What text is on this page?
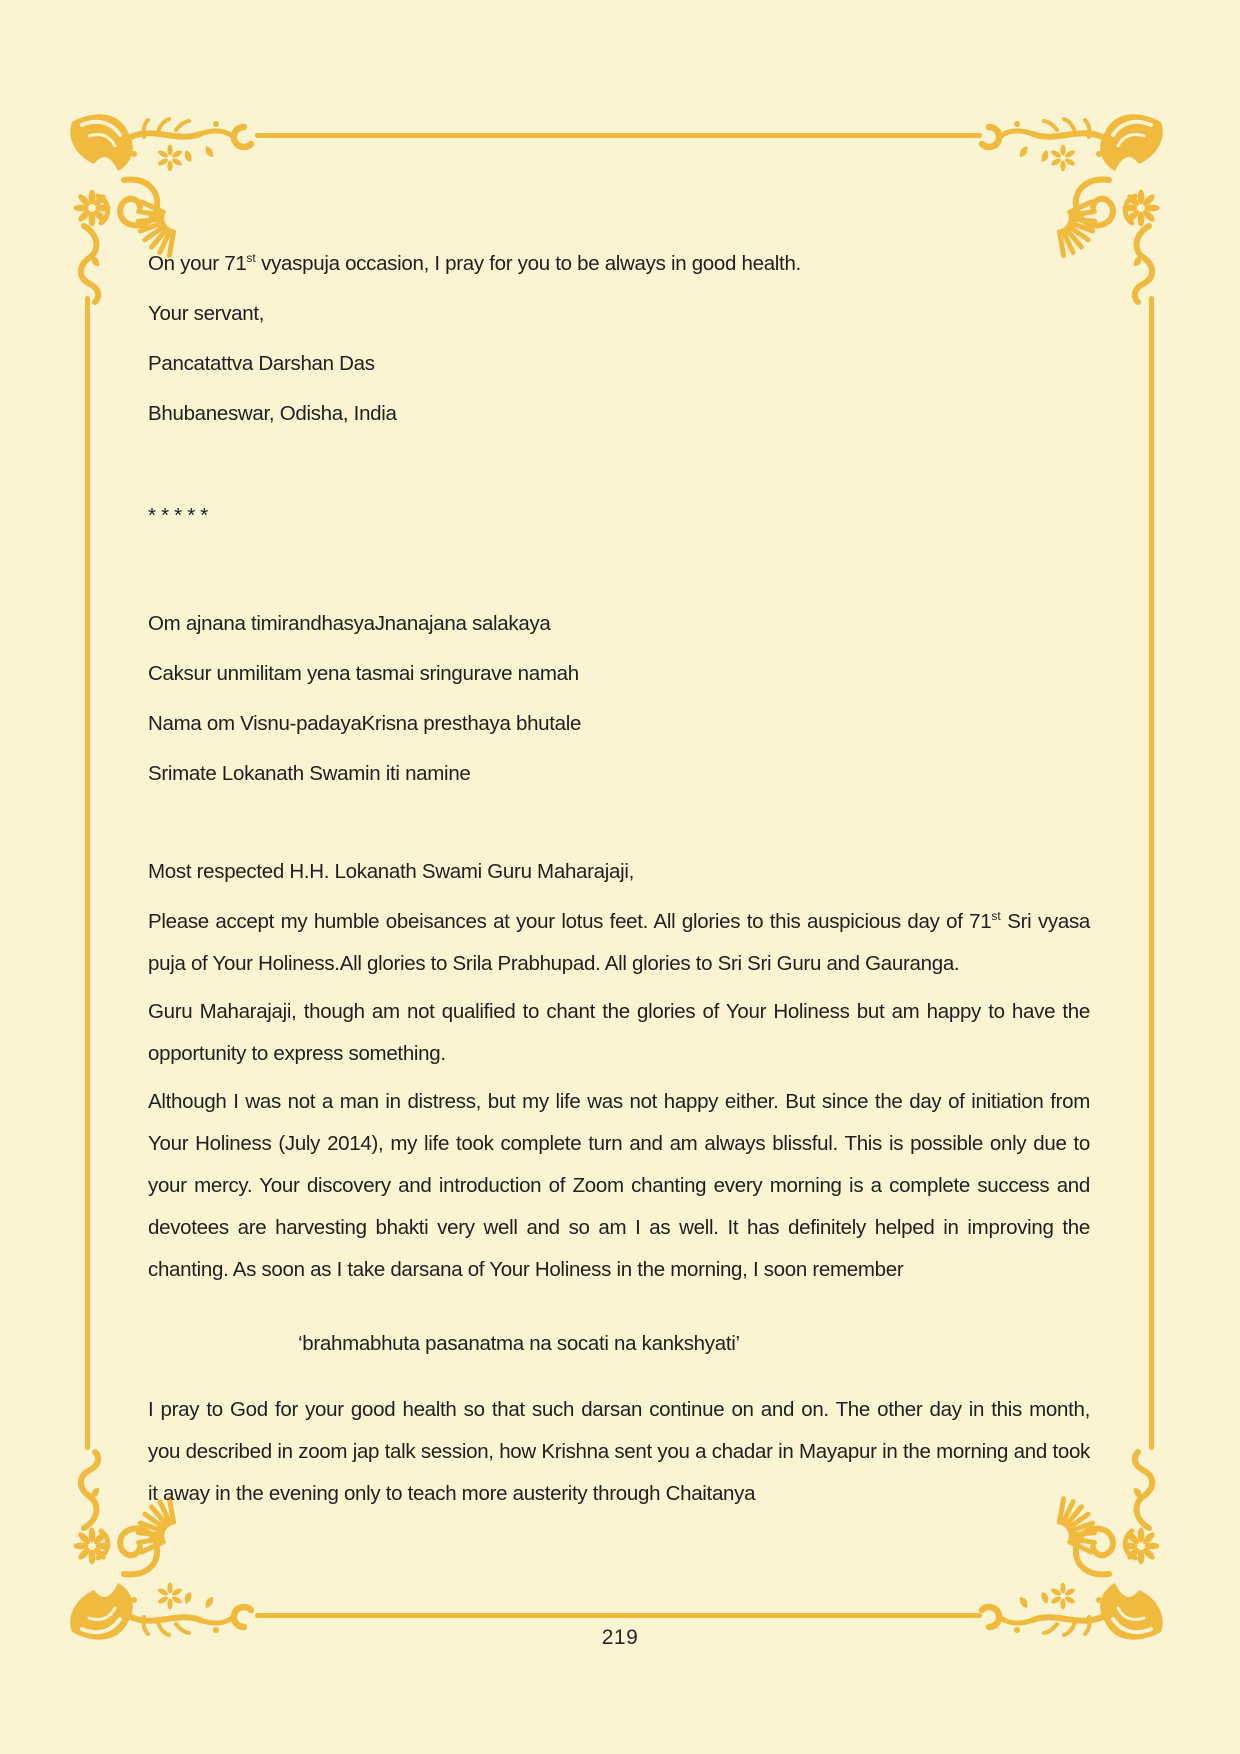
On your 71st vyaspuja occasion, I pray for you to be always in good health.

Your servant,

Pancatattva Darshan Das

Bhubaneswar, Odisha, India

* * * * *

Om ajnana timirandhasyaJnanajana salakaya

Caksur unmilitam yena tasmai sringurave namah

Nama om Visnu-padayaKrisna presthaya bhutale

Srimate Lokanath Swamin iti namine

Most respected H.H. Lokanath Swami Guru Maharajaji,

Please accept my humble obeisances at your lotus feet. All glories to this auspicious day of 71st Sri vyasa puja of Your Holiness.All glories to Srila Prabhupad. All glories to Sri Sri Guru and Gauranga.

Guru Maharajaji, though am not qualified to chant the glories of Your Holiness but am happy to have the opportunity to express something.

Although I was not a man in distress, but my life was not happy either. But since the day of initiation from Your Holiness (July 2014), my life took complete turn and am always blissful. This is possible only due to your mercy. Your discovery and introduction of Zoom chanting every morning is a complete success and devotees are harvesting bhakti very well and so am I as well. It has definitely helped in improving the chanting. As soon as I take darsana of Your Holiness in the morning, I soon remember

‘brahmabhuta pasanatma na socati na kankshyati’

I pray to God for your good health so that such darsan continue on and on. The other day in this month, you described in zoom jap talk session, how Krishna sent you a chadar in Mayapur in the morning and took it away in the evening only to teach more austerity through Chaitanya

219
